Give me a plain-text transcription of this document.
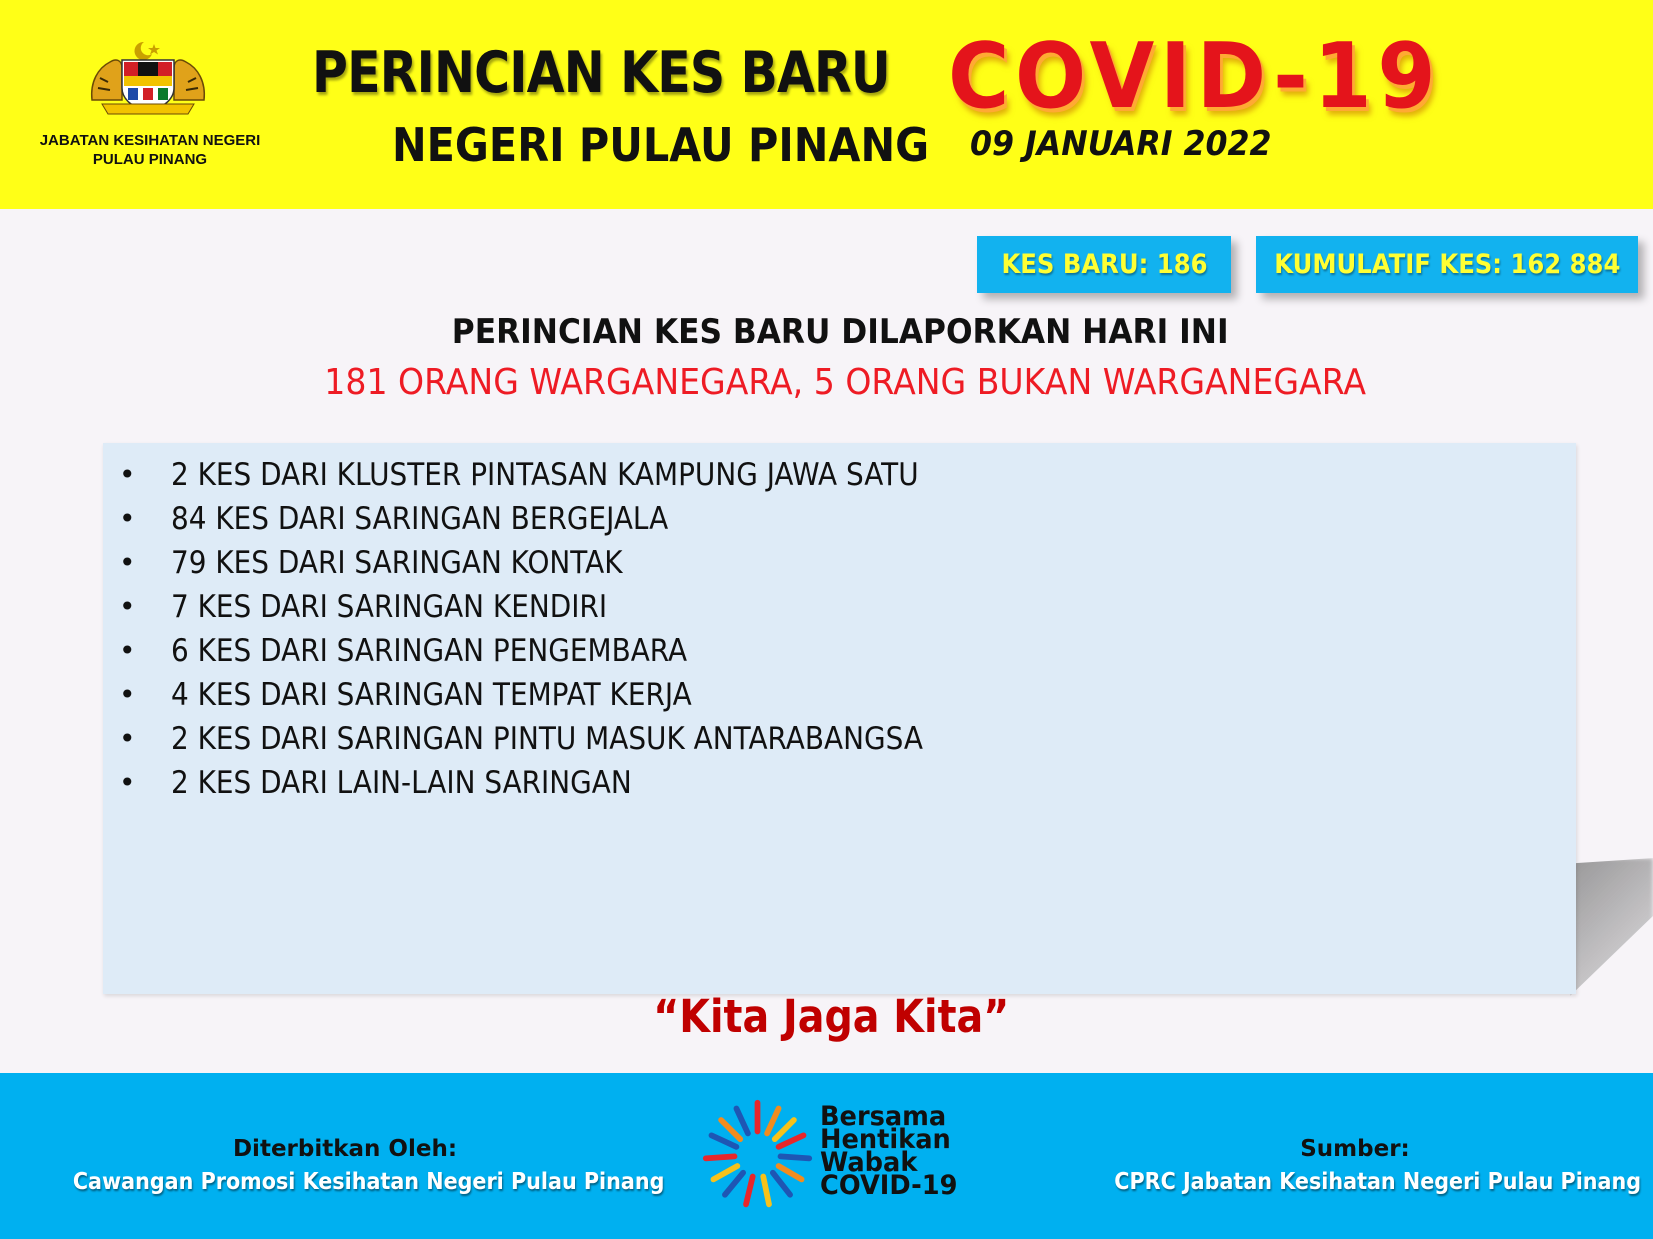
JABATAN KESIHATAN NEGERI PULAU PINANG
PERINCIAN KES BARU COVID-19
NEGERI PULAU PINANG 09 JANUARI 2022
KES BARU: 186 KUMULATIF KES: 162 884
PERINCIAN KES BARU DILAPORKAN HARI INI
181 ORANG WARGANEGARA, 5 ORANG BUKAN WARGANEGARA
• 2 KES DARI KLUSTER PINTASAN KAMPUNG JAWA SATU
• 84 KES DARI SARINGAN BERGEJALA
• 79 KES DARI SARINGAN KONTAK
• 7 KES DARI SARINGAN KENDIRI
• 6 KES DARI SARINGAN PENGEMBARA
• 4 KES DARI SARINGAN TEMPAT KERJA
• 2 KES DARI SARINGAN PINTU MASUK ANTARABANGSA
• 2 KES DARI LAIN-LAIN SARINGAN
“Kita Jaga Kita”
Diterbitkan Oleh:
Cawangan Promosi Kesihatan Negeri Pulau Pinang
Bersama
Hentikan
Wabak
COVID-19
Sumber:
CPRC Jabatan Kesihatan Negeri Pulau Pinang
